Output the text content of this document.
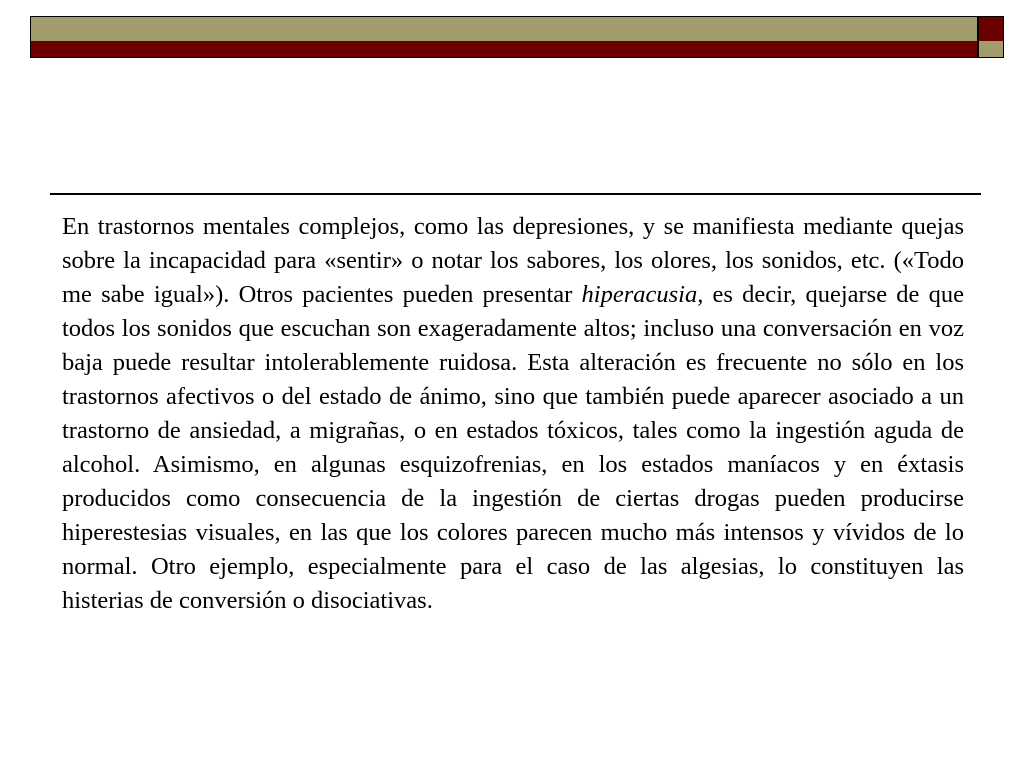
En trastornos mentales complejos, como las depresiones, y se manifiesta mediante quejas sobre la incapacidad para «sentir» o notar los sabores, los olores, los sonidos, etc. («Todo me sabe igual»). Otros pacientes pueden presentar hiperacusia, es decir, quejarse de que todos los sonidos que escuchan son exageradamente altos; incluso una conversación en voz baja puede resultar intolerablemente ruidosa. Esta alteración es frecuente no sólo en los trastornos afectivos o del estado de ánimo, sino que también puede aparecer asociado a un trastorno de ansiedad, a migrañas, o en estados tóxicos, tales como la ingestión aguda de alcohol. Asimismo, en algunas esquizofrenias, en los estados maníacos y en éxtasis producidos como consecuencia de la ingestión de ciertas drogas pueden producirse hiperestesias visuales, en las que los colores parecen mucho más intensos y vívidos de lo normal. Otro ejemplo, especialmente para el caso de las algesias, lo constituyen las histerias de conversión o disociativas.
